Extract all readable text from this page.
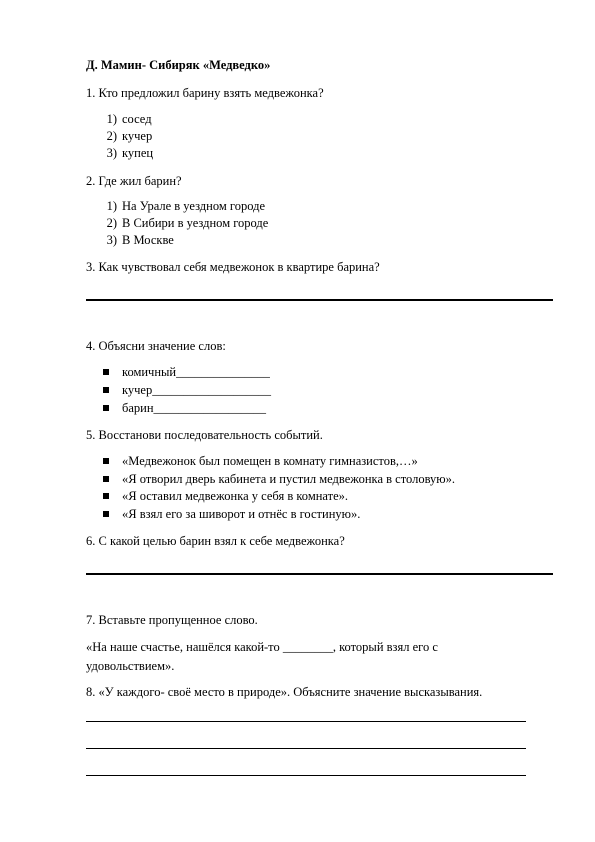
Д. Мамин- Сибиряк «Медведко»
1. Кто предложил барину взять медвежонка?
1) сосед
2) кучер
3) купец
2. Где жил барин?
1) На Урале в уездном городе
2) В Сибири в уездном городе
3) В Москве
3. Как чувствовал себя медвежонок в квартире барина?
4. Объясни значение слов:
комичный_______________
кучер___________________
барин__________________
5. Восстанови последовательность событий.
«Медвежонок был помещен в комнату гимназистов,…»
«Я отворил дверь кабинета и пустил медвежонка в столовую».
«Я оставил медвежонка у себя в комнате».
«Я взял его за шиворот и отнёс в гостиную».
6. С какой целью барин взял к себе медвежонка?
7. Вставьте пропущенное слово.
«На наше счастье, нашёлся какой-то ________, который взял его с
удовольствием».
8. «У каждого- своё место в природе». Объясните значение высказывания.
